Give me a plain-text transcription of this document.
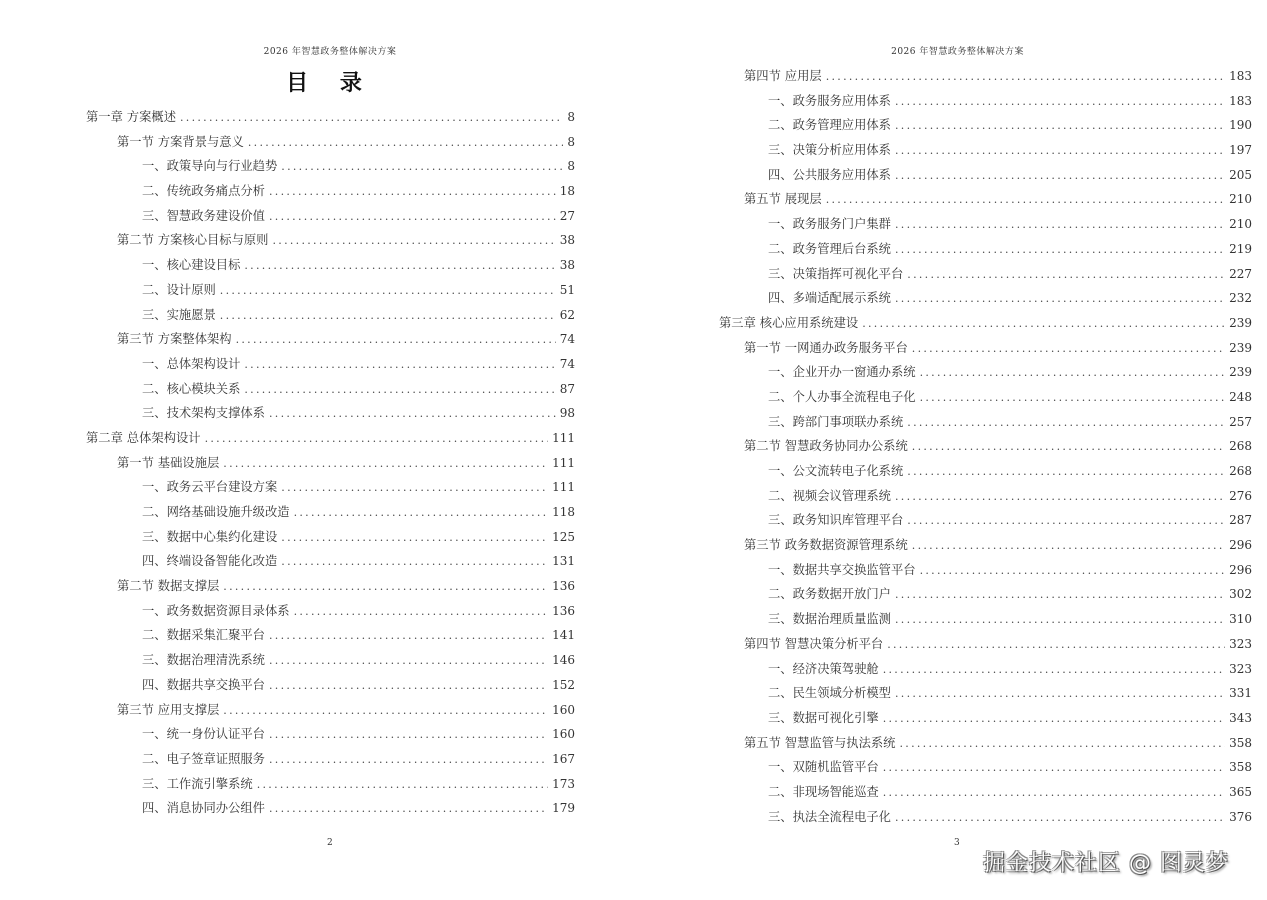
2026 年智慧政务整体解决方案
目 录
第一章 方案概述 . . .	8
第一节 方案背景与意义 . . .	8
一、政策导向与行业趋势 . . .	8
二、传统政务痛点分析 . . .	18
三、智慧政务建设价值 . . .	27
第二节 方案核心目标与原则 . . .	38
一、核心建设目标 . . .	38
二、设计原则 . . .	51
三、实施愿景 . . .	62
第三节 方案整体架构 . . .	74
一、总体架构设计 . . .	74
二、核心模块关系 . . .	87
三、技术架构支撑体系 . . .	98
第二章 总体架构设计 . . .	111
第一节 基础设施层 . . .	111
一、政务云平台建设方案 . . .	111
二、网络基础设施升级改造 . . .	118
三、数据中心集约化建设 . . .	125
四、终端设备智能化改造 . . .	131
第二节 数据支撑层 . . .	136
一、政务数据资源目录体系 . . .	136
二、数据采集汇聚平台 . . .	141
三、数据治理清洗系统 . . .	146
四、数据共享交换平台 . . .	152
第三节 应用支撑层 . . .	160
一、统一身份认证平台 . . .	160
二、电子签章证照服务 . . .	167
三、工作流引擎系统 . . .	173
四、消息协同办公组件 . . .	179
2
2026 年智慧政务整体解决方案
第四节 应用层 . . .	183
一、政务服务应用体系 . . .	183
二、政务管理应用体系 . . .	190
三、决策分析应用体系 . . .	197
四、公共服务应用体系 . . .	205
第五节 展现层 . . .	210
一、政务服务门户集群 . . .	210
二、政务管理后台系统 . . .	219
三、决策指挥可视化平台 . . .	227
四、多端适配展示系统 . . .	232
第三章 核心应用系统建设 . . .	239
第一节 一网通办政务服务平台 . . .	239
一、企业开办一窗通办系统 . . .	239
二、个人办事全流程电子化 . . .	248
三、跨部门事项联办系统 . . .	257
第二节 智慧政务协同办公系统 . . .	268
一、公文流转电子化系统 . . .	268
二、视频会议管理系统 . . .	276
三、政务知识库管理平台 . . .	287
第三节 政务数据资源管理系统 . . .	296
一、数据共享交换监管平台 . . .	296
二、政务数据开放门户 . . .	302
三、数据治理质量监测 . . .	310
第四节 智慧决策分析平台 . . .	323
一、经济决策驾驶舱 . . .	323
二、民生领域分析模型 . . .	331
三、数据可视化引擎 . . .	343
第五节 智慧监管与执法系统 . . .	358
一、双随机监管平台 . . .	358
二、非现场智能巡查 . . .	365
三、执法全流程电子化 . . .	376
3
掘金技术社区 @ 图灵梦
